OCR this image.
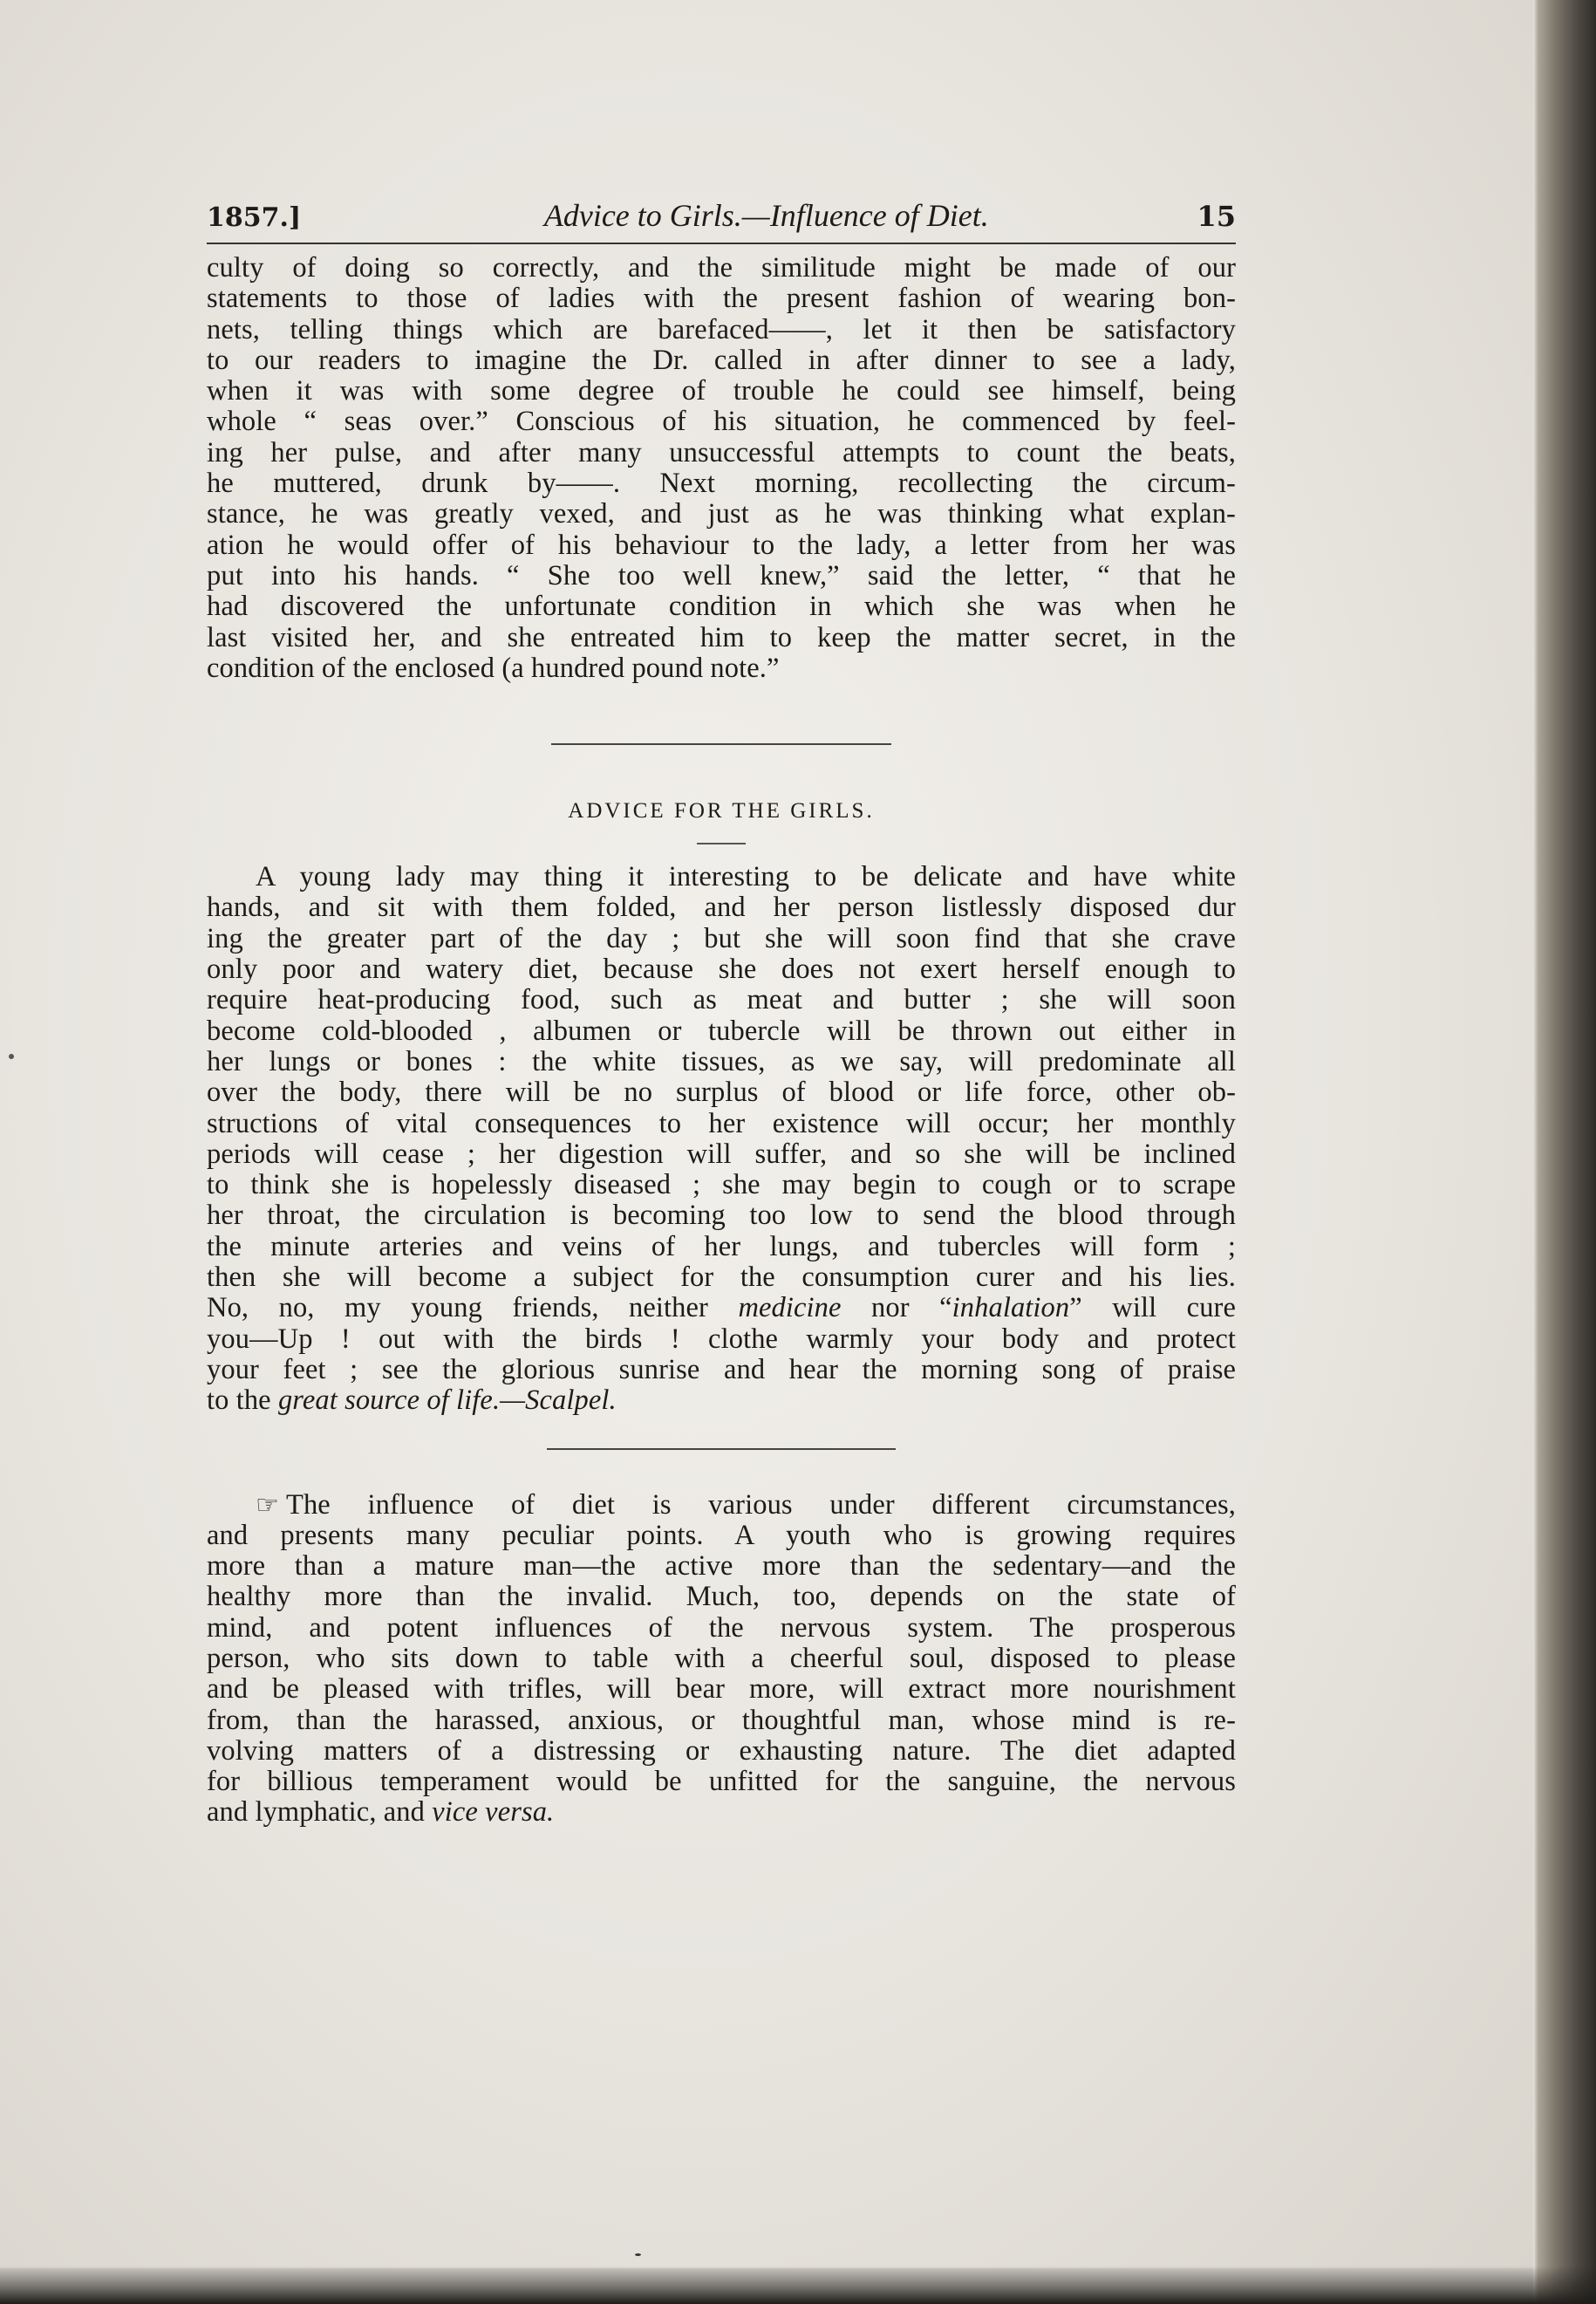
1857.]	Advice to Girls.—Influence of Diet.	15
culty of doing so correctly, and the similitude might be made of our
statements to those of ladies with the present fashion of wearing bon-
nets, telling things which are barefaced——, let it then be satisfactory
to our readers to imagine the Dr. called in after dinner to see a lady,
when it was with some degree of trouble he could see himself, being
whole “ seas over.” Conscious of his situation, he commenced by feel-
ing her pulse, and after many unsuccessful attempts to count the beats,
he muttered, drunk by——. Next morning, recollecting the circum-
stance, he was greatly vexed, and just as he was thinking what explan-
ation he would offer of his behaviour to the lady, a letter from her was
put into his hands. “ She too well knew,” said the letter, “ that he
had discovered the unfortunate condition in which she was when he
last visited her, and she entreated him to keep the matter secret, in the
condition of the enclosed (a hundred pound note.”
ADVICE FOR THE GIRLS.
A young lady may thing it interesting to be delicate and have white
hands, and sit with them folded, and her person listlessly disposed dur
ing the greater part of the day ; but she will soon find that she crave
only poor and watery diet, because she does not exert herself enough to
require heat-producing food, such as meat and butter ; she will soon
become cold-blooded , albumen or tubercle will be thrown out either in
her lungs or bones : the white tissues, as we say, will predominate all
over the body, there will be no surplus of blood or life force, other ob-
structions of vital consequences to her existence will occur; her monthly
periods will cease ; her digestion will suffer, and so she will be inclined
to think she is hopelessly diseased ; she may begin to cough or to scrape
her throat, the circulation is becoming too low to send the blood through
the minute arteries and veins of her lungs, and tubercles will form ;
then she will become a subject for the consumption curer and his lies.
No, no, my young friends, neither medicine nor “inhalation” will cure
you—Up ! out with the birds ! clothe warmly your body and protect
your feet ; see the glorious sunrise and hear the morning song of praise
to the great source of life.—Scalpel.
☞ The influence of diet is various under different circumstances,
and presents many peculiar points. A youth who is growing requires
more than a mature man—the active more than the sedentary—and the
healthy more than the invalid. Much, too, depends on the state of
mind, and potent influences of the nervous system. The prosperous
person, who sits down to table with a cheerful soul, disposed to please
and be pleased with trifles, will bear more, will extract more nourishment
from, than the harassed, anxious, or thoughtful man, whose mind is re-
volving matters of a distressing or exhausting nature. The diet adapted
for billious temperament would be unfitted for the sanguine, the nervous
and lymphatic, and vice versa.
